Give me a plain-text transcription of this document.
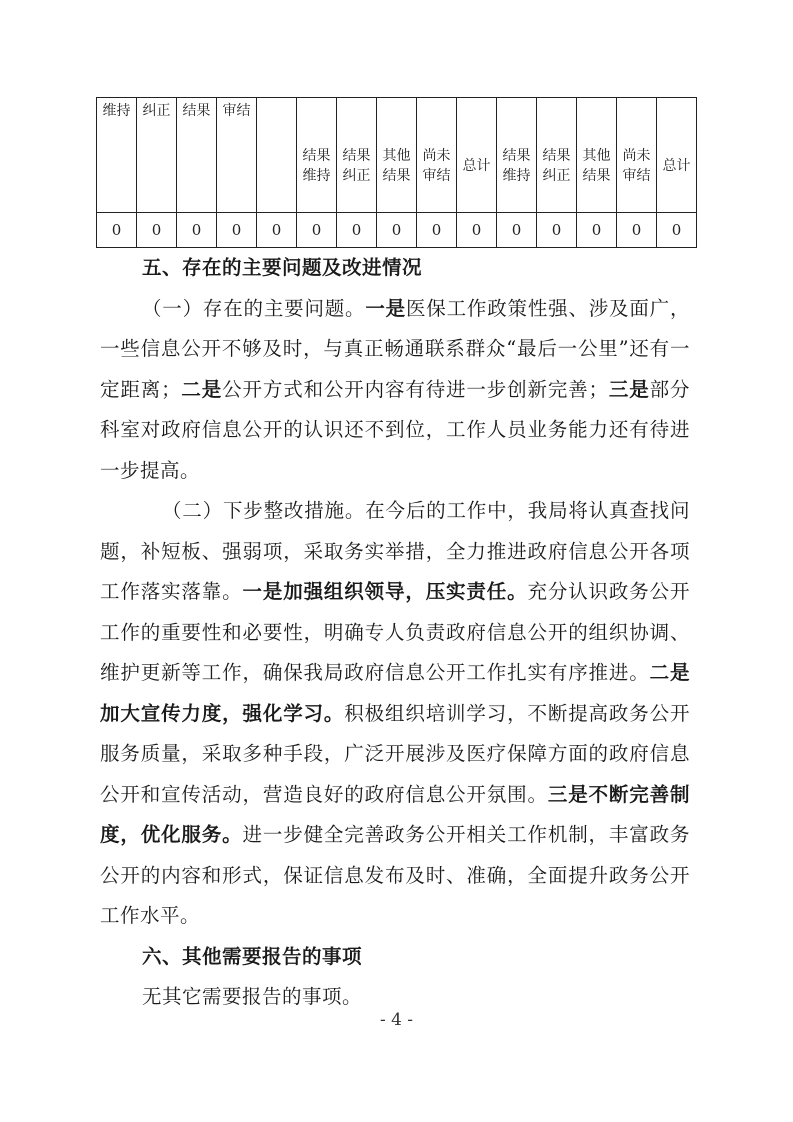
维持	纠正	结果	审结		结果维持	结果纠正	其他结果	尚未审结	总计	结果维持	结果纠正	其他结果	尚未审结	总计
0	0	0	0	0	0	0	0	0	0	0	0	0	0	0

五、存在的主要问题及改进情况

（一）存在的主要问题。一是医保工作政策性强、涉及面广，一些信息公开不够及时，与真正畅通联系群众“最后一公里”还有一定距离；二是公开方式和公开内容有待进一步创新完善；三是部分科室对政府信息公开的认识还不到位，工作人员业务能力还有待进一步提高。

（二）下步整改措施。在今后的工作中，我局将认真查找问题，补短板、强弱项，采取务实举措，全力推进政府信息公开各项工作落实落靠。一是加强组织领导，压实责任。充分认识政务公开工作的重要性和必要性，明确专人负责政府信息公开的组织协调、维护更新等工作，确保我局政府信息公开工作扎实有序推进。二是加大宣传力度，强化学习。积极组织培训学习，不断提高政务公开服务质量，采取多种手段，广泛开展涉及医疗保障方面的政府信息公开和宣传活动，营造良好的政府信息公开氛围。三是不断完善制度，优化服务。进一步健全完善政务公开相关工作机制，丰富政务公开的内容和形式，保证信息发布及时、准确，全面提升政务公开工作水平。

六、其他需要报告的事项

无其它需要报告的事项。

- 4 -
